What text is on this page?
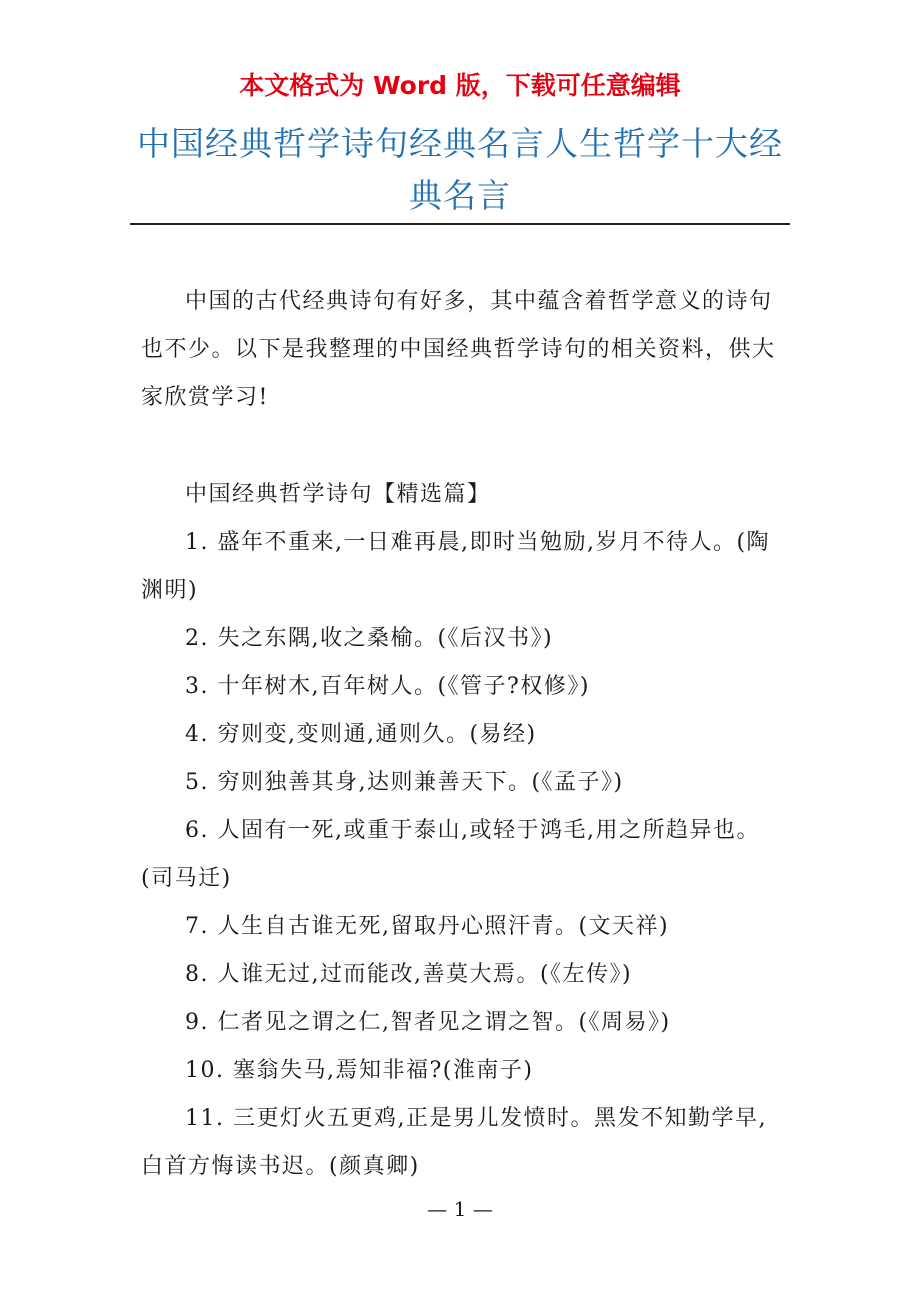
本文格式为 Word 版，下载可任意编辑
中国经典哲学诗句经典名言人生哲学十大经典名言

中国的古代经典诗句有好多，其中蕴含着哲学意义的诗句也不少。以下是我整理的中国经典哲学诗句的相关资料，供大家欣赏学习!

中国经典哲学诗句【精选篇】

1. 盛年不重来,一日难再晨,即时当勉励,岁月不待人。(陶渊明)

2. 失之东隅,收之桑榆。(《后汉书》)

3. 十年树木,百年树人。(《管子?权修》)

4. 穷则变,变则通,通则久。(易经)

5. 穷则独善其身,达则兼善天下。(《孟子》)

6. 人固有一死,或重于泰山,或轻于鸿毛,用之所趋异也。(司马迁)

7. 人生自古谁无死,留取丹心照汗青。(文天祥)

8. 人谁无过,过而能改,善莫大焉。(《左传》)

9. 仁者见之谓之仁,智者见之谓之智。(《周易》)

10. 塞翁失马,焉知非福?(淮南子)

11. 三更灯火五更鸡,正是男儿发愤时。黑发不知勤学早,白首方悔读书迟。(颜真卿)

— 1 —
